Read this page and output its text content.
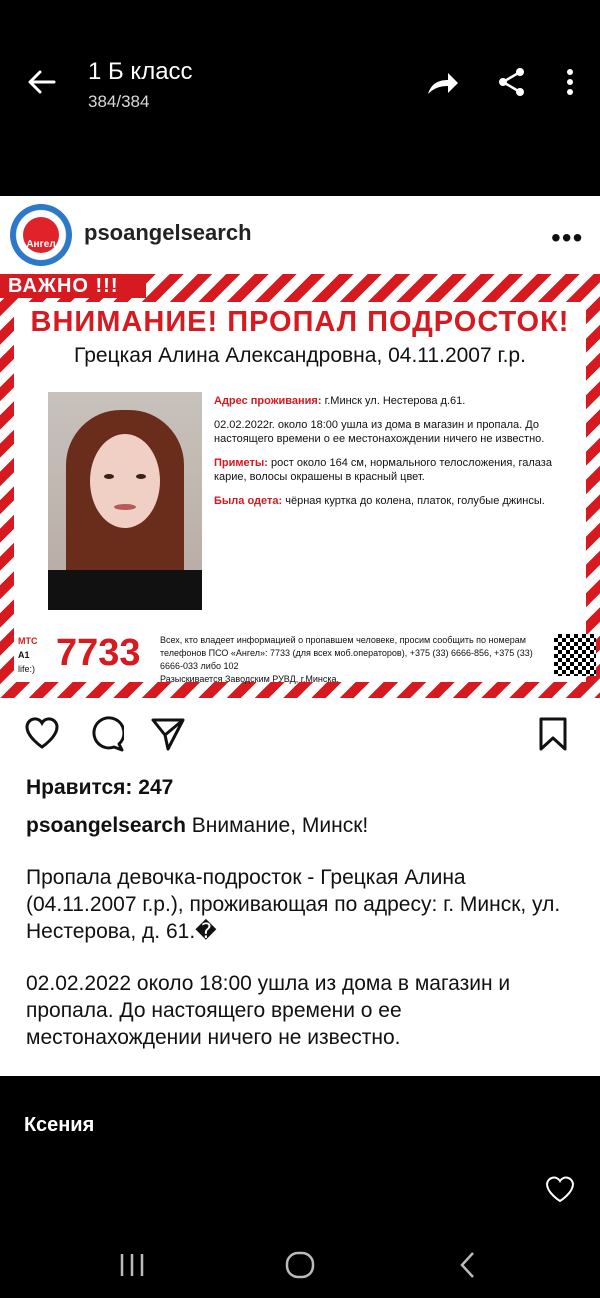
1 Б класс
384/384
Ангел psoangelsearch	•••
ВАЖНО !!!
ВНИМАНИЕ! ПРОПАЛ ПОДРОСТОК!
Грецкая Алина Александровна, 04.11.2007 г.р.

Адрес проживания: г.Минск ул. Нестерова д.61.

02.02.2022г. около 18:00 ушла из дома в магазин и пропала. До настоящего времени о ее местонахождении ничего не известно.

Приметы: рост около 164 см, нормального телосложения, галаза карие, волосы окрашены в красный цвет.

Была одета: чёрная куртка до колена, платок, голубые джинсы.

МТС
A1
life:) 7733 Всех, кто владеет информацией о пропавшем человеке, просим сообщить по номерам телефонов ПСО «Ангел»: 7733 (для всех моб.операторов), +375 (33) 6666-856, +375 (33) 6666-033 либо 102
Разыскивается Заводским РУВД, г.Минска.
Нравится: 247

psoangelsearch Внимание, Минск!

Пропала девочка-подросток - Грецкая Алина (04.11.2007 г.р.), проживающая по адресу: г. Минск, ул. Нестерова, д. 61.�

02.02.2022 около 18:00 ушла из дома в магазин и пропала. До настоящего времени о ее местонахождении ничего не известно.

Ксения
